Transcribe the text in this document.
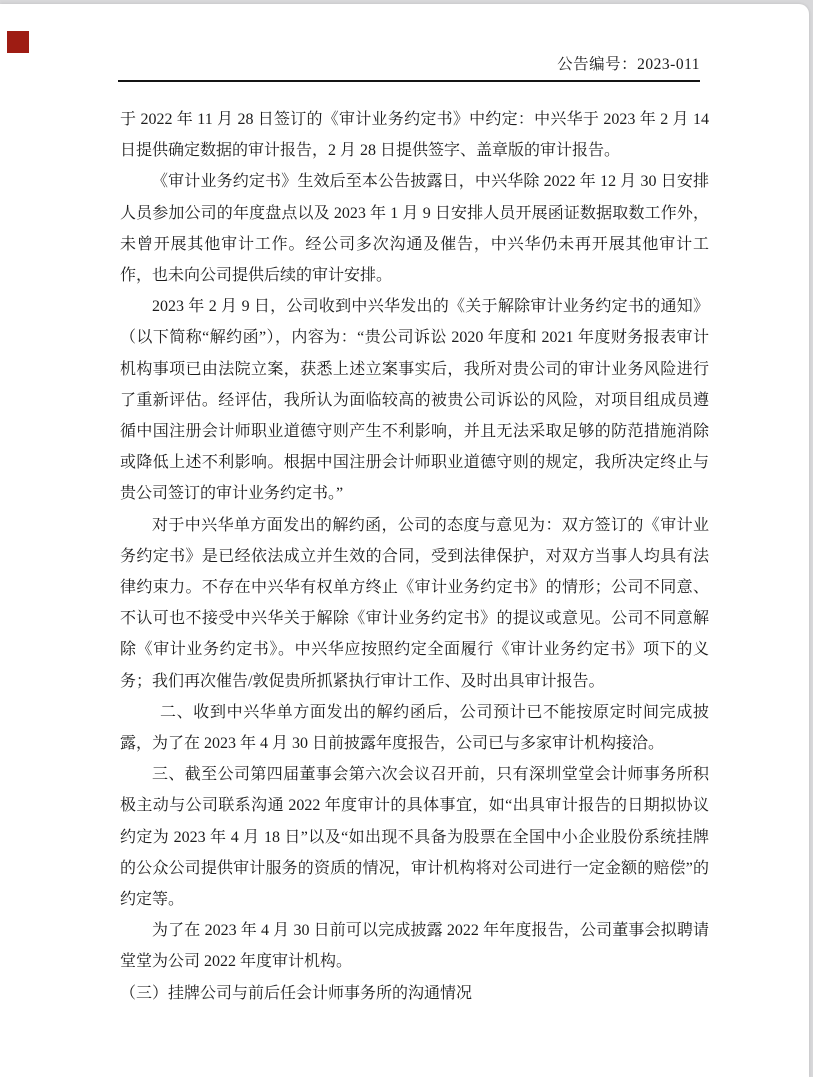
公告编号：2023-011

于 2022 年 11 月 28 日签订的《审计业务约定书》中约定：中兴华于 2023 年 2 月 14 日提供确定数据的审计报告，2 月 28 日提供签字、盖章版的审计报告。

《审计业务约定书》生效后至本公告披露日，中兴华除 2022 年 12 月 30 日安排人员参加公司的年度盘点以及 2023 年 1 月 9 日安排人员开展函证数据取数工作外，未曾开展其他审计工作。经公司多次沟通及催告，中兴华仍未再开展其他审计工作，也未向公司提供后续的审计安排。

2023 年 2 月 9 日，公司收到中兴华发出的《关于解除审计业务约定书的通知》（以下简称“解约函”），内容为：“贵公司诉讼 2020 年度和 2021 年度财务报表审计机构事项已由法院立案，获悉上述立案事实后，我所对贵公司的审计业务风险进行了重新评估。经评估，我所认为面临较高的被贵公司诉讼的风险，对项目组成员遵循中国注册会计师职业道德守则产生不利影响，并且无法采取足够的防范措施消除或降低上述不利影响。根据中国注册会计师职业道德守则的规定，我所决定终止与贵公司签订的审计业务约定书。”

对于中兴华单方面发出的解约函，公司的态度与意见为：双方签订的《审计业务约定书》是已经依法成立并生效的合同，受到法律保护，对双方当事人均具有法律约束力。不存在中兴华有权单方终止《审计业务约定书》的情形；公司不同意、不认可也不接受中兴华关于解除《审计业务约定书》的提议或意见。公司不同意解除《审计业务约定书》。中兴华应按照约定全面履行《审计业务约定书》项下的义务；我们再次催告/敦促贵所抓紧执行审计工作、及时出具审计报告。

二、收到中兴华单方面发出的解约函后，公司预计已不能按原定时间完成披露，为了在 2023 年 4 月 30 日前披露年度报告，公司已与多家审计机构接洽。

三、截至公司第四届董事会第六次会议召开前，只有深圳堂堂会计师事务所积极主动与公司联系沟通 2022 年度审计的具体事宜，如“出具审计报告的日期拟协议约定为 2023 年 4 月 18 日”以及“如出现不具备为股票在全国中小企业股份系统挂牌的公众公司提供审计服务的资质的情况，审计机构将对公司进行一定金额的赔偿”的约定等。

为了在 2023 年 4 月 30 日前可以完成披露 2022 年年度报告，公司董事会拟聘请堂堂为公司 2022 年度审计机构。

（三）挂牌公司与前后任会计师事务所的沟通情况
